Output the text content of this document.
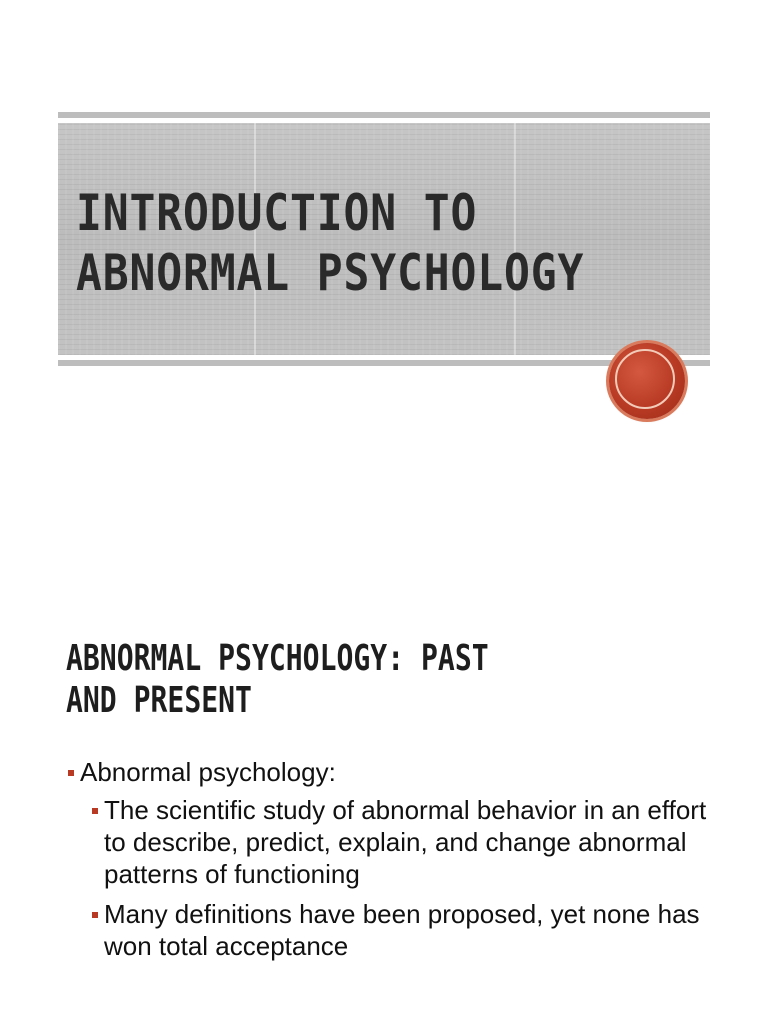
INTRODUCTION TO
ABNORMAL PSYCHOLOGY
ABNORMAL PSYCHOLOGY: PAST AND PRESENT
Abnormal psychology:
The scientific study of abnormal behavior in an effort to describe, predict, explain, and change abnormal patterns of functioning
Many definitions have been proposed, yet none has won total acceptance
